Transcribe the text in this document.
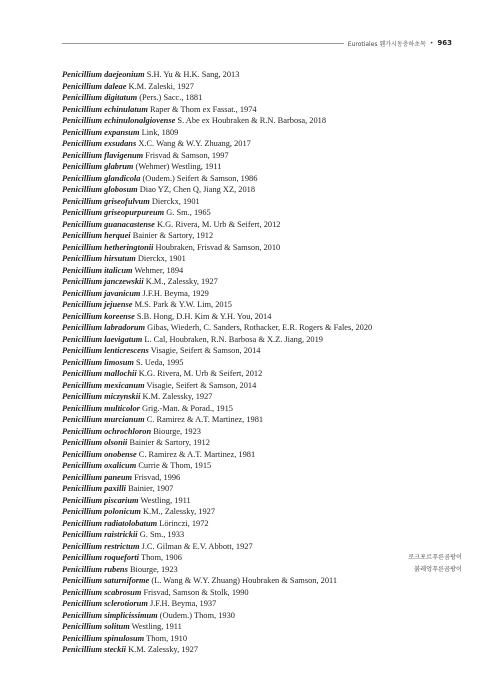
Eurotiales 휀가시동충하초목 • 963
Penicillium daejeonium S.H. Yu & H.K. Sang, 2013
Penicillium daleae K.M. Zaleski, 1927
Penicillium digitatum (Pers.) Sacc., 1881
Penicillium echinulatum Raper & Thom ex Fassat., 1974
Penicillium echinulonalgiovense S. Abe ex Houbraken & R.N. Barbosa, 2018
Penicillium expansum Link, 1809
Penicillium exsudans X.C. Wang & W.Y. Zhuang, 2017
Penicillium flavigenum Frisvad & Samson, 1997
Penicillium glabrum (Wehmer) Westling, 1911
Penicillium glandicola (Oudem.) Seifert & Samson, 1986
Penicillium globosum Diao YZ, Chen Q, Jiang XZ, 2018
Penicillium griseofulvum Dierckx, 1901
Penicillium griseopurpureum G. Sm., 1965
Penicillium guanacastense K.G. Rivera, M. Urb & Seifert, 2012
Penicillium herquei Bainier & Sartory, 1912
Penicillium hetheringtonii Houbraken, Frisvad & Samson, 2010
Penicillium hirsutum Dierckx, 1901
Penicillium italicum Wehmer, 1894
Penicillium janczewskii K.M., Zalessky, 1927
Penicillium javanicum J.F.H. Beyma, 1929
Penicillium jejuense M.S. Park & Y.W. Lim, 2015
Penicillium koreense S.B. Hong, D.H. Kim & Y.H. You, 2014
Penicillium labradorum Gibas, Wiederh, C. Sanders, Rothacker, E.R. Rogers & Fales, 2020
Penicillium laevigatum L. Cal, Houbraken, R.N. Barbosa & X.Z. Jiang, 2019
Penicillium lenticrescens Visagie, Seifert & Samson, 2014
Penicillium limosum S. Ueda, 1995
Penicillium mallochii K.G. Rivera, M. Urb & Seifert, 2012
Penicillium mexicanum Visagie, Seifert & Samson, 2014
Penicillium miczynskii K.M. Zalessky, 1927
Penicillium multicolor Grig.-Man. & Porad., 1915
Penicillium murcianum C. Ramirez & A.T. Martinez, 1981
Penicillium ochrochloron Biourge, 1923
Penicillium olsonii Bainier & Sartory, 1912
Penicillium onobense C. Ramirez & A.T. Martinez, 1981
Penicillium oxalicum Currie & Thom, 1915
Penicillium paneum Frisvad, 1996
Penicillium paxilli Bainier, 1907
Penicillium piscarium Westling, 1911
Penicillium polonicum K.M., Zalessky, 1927
Penicillium radiatolobatum Lörinczi, 1972
Penicillium raistrickii G. Sm., 1933
Penicillium restrictum J.C. Gilman & E.V. Abbott, 1927
Penicillium roqueforti Thom, 1906	로크포르푸른곰팡이
Penicillium rubens Biourge, 1923	붉레엉푸른곰팡이
Penicillium saturniforme (L. Wang & W.Y. Zhuang) Houbraken & Samson, 2011
Penicillium scabrosum Frisvad, Samson & Stolk, 1990
Penicillium sclerotiorum J.F.H. Beyma, 1937
Penicillium simplicissimum (Oudem.) Thom, 1930
Penicillium solitum Westling, 1911
Penicillium spinulosum Thom, 1910
Penicillium steckii K.M. Zalessky, 1927
